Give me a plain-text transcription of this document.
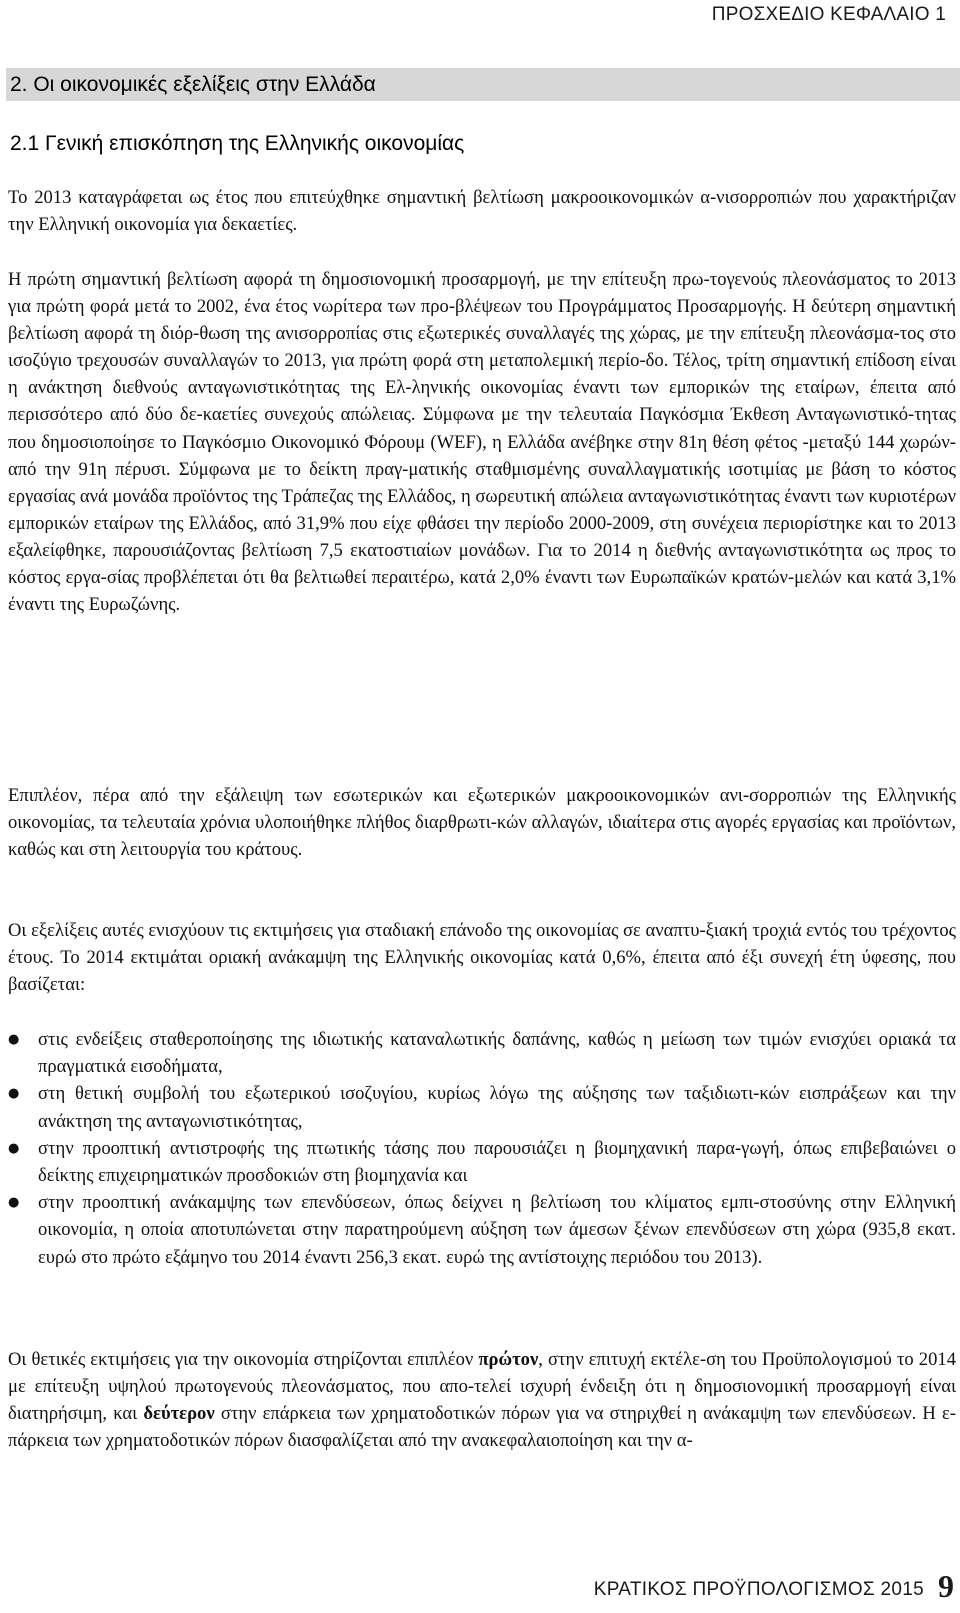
ΠΡΟΣΧΕΔΙΟ ΚΕΦΑΛΑΙΟ 1
2. Οι οικονομικές εξελίξεις στην Ελλάδα
2.1 Γενική επισκόπηση της Ελληνικής οικονομίας

Το 2013 καταγράφεται ως έτος που επιτεύχθηκε σημαντική βελτίωση μακροοικονομικών α-νισορροπιών που χαρακτήριζαν την Ελληνική οικονομία για δεκαετίες.

Η πρώτη σημαντική βελτίωση αφορά τη δημοσιονομική προσαρμογή, με την επίτευξη πρω-τογενούς πλεονάσματος το 2013 για πρώτη φορά μετά το 2002, ένα έτος νωρίτερα των προ-βλέψεων του Προγράμματος Προσαρμογής. Η δεύτερη σημαντική βελτίωση αφορά τη διόρ-θωση της ανισορροπίας στις εξωτερικές συναλλαγές της χώρας, με την επίτευξη πλεονάσμα-τος στο ισοζύγιο τρεχουσών συναλλαγών το 2013, για πρώτη φορά στη μεταπολεμική περίο-δο. Τέλος, τρίτη σημαντική επίδοση είναι η ανάκτηση διεθνούς ανταγωνιστικότητας της Ελ-ληνικής οικονομίας έναντι των εμπορικών της εταίρων, έπειτα από περισσότερο από δύο δε-καετίες συνεχούς απώλειας. Σύμφωνα με την τελευταία Παγκόσμια Έκθεση Ανταγωνιστικό-τητας που δημοσιοποίησε το Παγκόσμιο Οικονομικό Φόρουμ (WEF), η Ελλάδα ανέβηκε στην 81η θέση φέτος -μεταξύ 144 χωρών- από την 91η πέρυσι. Σύμφωνα με το δείκτη πραγ-ματικής σταθμισμένης συναλλαγματικής ισοτιμίας με βάση το κόστος εργασίας ανά μονάδα προϊόντος της Τράπεζας της Ελλάδος, η σωρευτική απώλεια ανταγωνιστικότητας έναντι των κυριοτέρων εμπορικών εταίρων της Ελλάδος, από 31,9% που είχε φθάσει την περίοδο 2000-2009, στη συνέχεια περιορίστηκε και το 2013 εξαλείφθηκε, παρουσιάζοντας βελτίωση 7,5 εκατοστιαίων μονάδων. Για το 2014 η διεθνής ανταγωνιστικότητα ως προς το κόστος εργα-σίας προβλέπεται ότι θα βελτιωθεί περαιτέρω, κατά 2,0% έναντι των Ευρωπαϊκών κρατών-μελών και κατά 3,1% έναντι της Ευρωζώνης.

Επιπλέον, πέρα από την εξάλειψη των εσωτερικών και εξωτερικών μακροοικονομικών ανι-σορροπιών της Ελληνικής οικονομίας, τα τελευταία χρόνια υλοποιήθηκε πλήθος διαρθρωτι-κών αλλαγών, ιδιαίτερα στις αγορές εργασίας και προϊόντων, καθώς και στη λειτουργία του κράτους.

Οι εξελίξεις αυτές ενισχύουν τις εκτιμήσεις για σταδιακή επάνοδο της οικονομίας σε αναπτυ-ξιακή τροχιά εντός του τρέχοντος έτους. Το 2014 εκτιμάται οριακή ανάκαμψη της Ελληνικής οικονομίας κατά 0,6%, έπειτα από έξι συνεχή έτη ύφεσης, που βασίζεται:

● στις ενδείξεις σταθεροποίησης της ιδιωτικής καταναλωτικής δαπάνης, καθώς η μείωση των τιμών ενισχύει οριακά τα πραγματικά εισοδήματα,
● στη θετική συμβολή του εξωτερικού ισοζυγίου, κυρίως λόγω της αύξησης των ταξιδιωτι-κών εισπράξεων και την ανάκτηση της ανταγωνιστικότητας,
● στην προοπτική αντιστροφής της πτωτικής τάσης που παρουσιάζει η βιομηχανική παρα-γωγή, όπως επιβεβαιώνει ο δείκτης επιχειρηματικών προσδοκιών στη βιομηχανία και
● στην προοπτική ανάκαμψης των επενδύσεων, όπως δείχνει η βελτίωση του κλίματος εμπι-στοσύνης στην Ελληνική οικονομία, η οποία αποτυπώνεται στην παρατηρούμενη αύξηση των άμεσων ξένων επενδύσεων στη χώρα (935,8 εκατ. ευρώ στο πρώτο εξάμηνο του 2014 έναντι 256,3 εκατ. ευρώ της αντίστοιχης περιόδου του 2013).

Οι θετικές εκτιμήσεις για την οικονομία στηρίζονται επιπλέον πρώτον, στην επιτυχή εκτέλε-ση του Προϋπολογισμού το 2014 με επίτευξη υψηλού πρωτογενούς πλεονάσματος, που απο-τελεί ισχυρή ένδειξη ότι η δημοσιονομική προσαρμογή είναι διατηρήσιμη, και δεύτερον στην επάρκεια των χρηματοδοτικών πόρων για να στηριχθεί η ανάκαμψη των επενδύσεων. Η ε-πάρκεια των χρηματοδοτικών πόρων διασφαλίζεται από την ανακεφαλαιοποίηση και την α-

ΚΡΑΤΙΚΟΣ ΠΡΟΫΠΟΛΟΓΙΣΜΟΣ 2015 9
